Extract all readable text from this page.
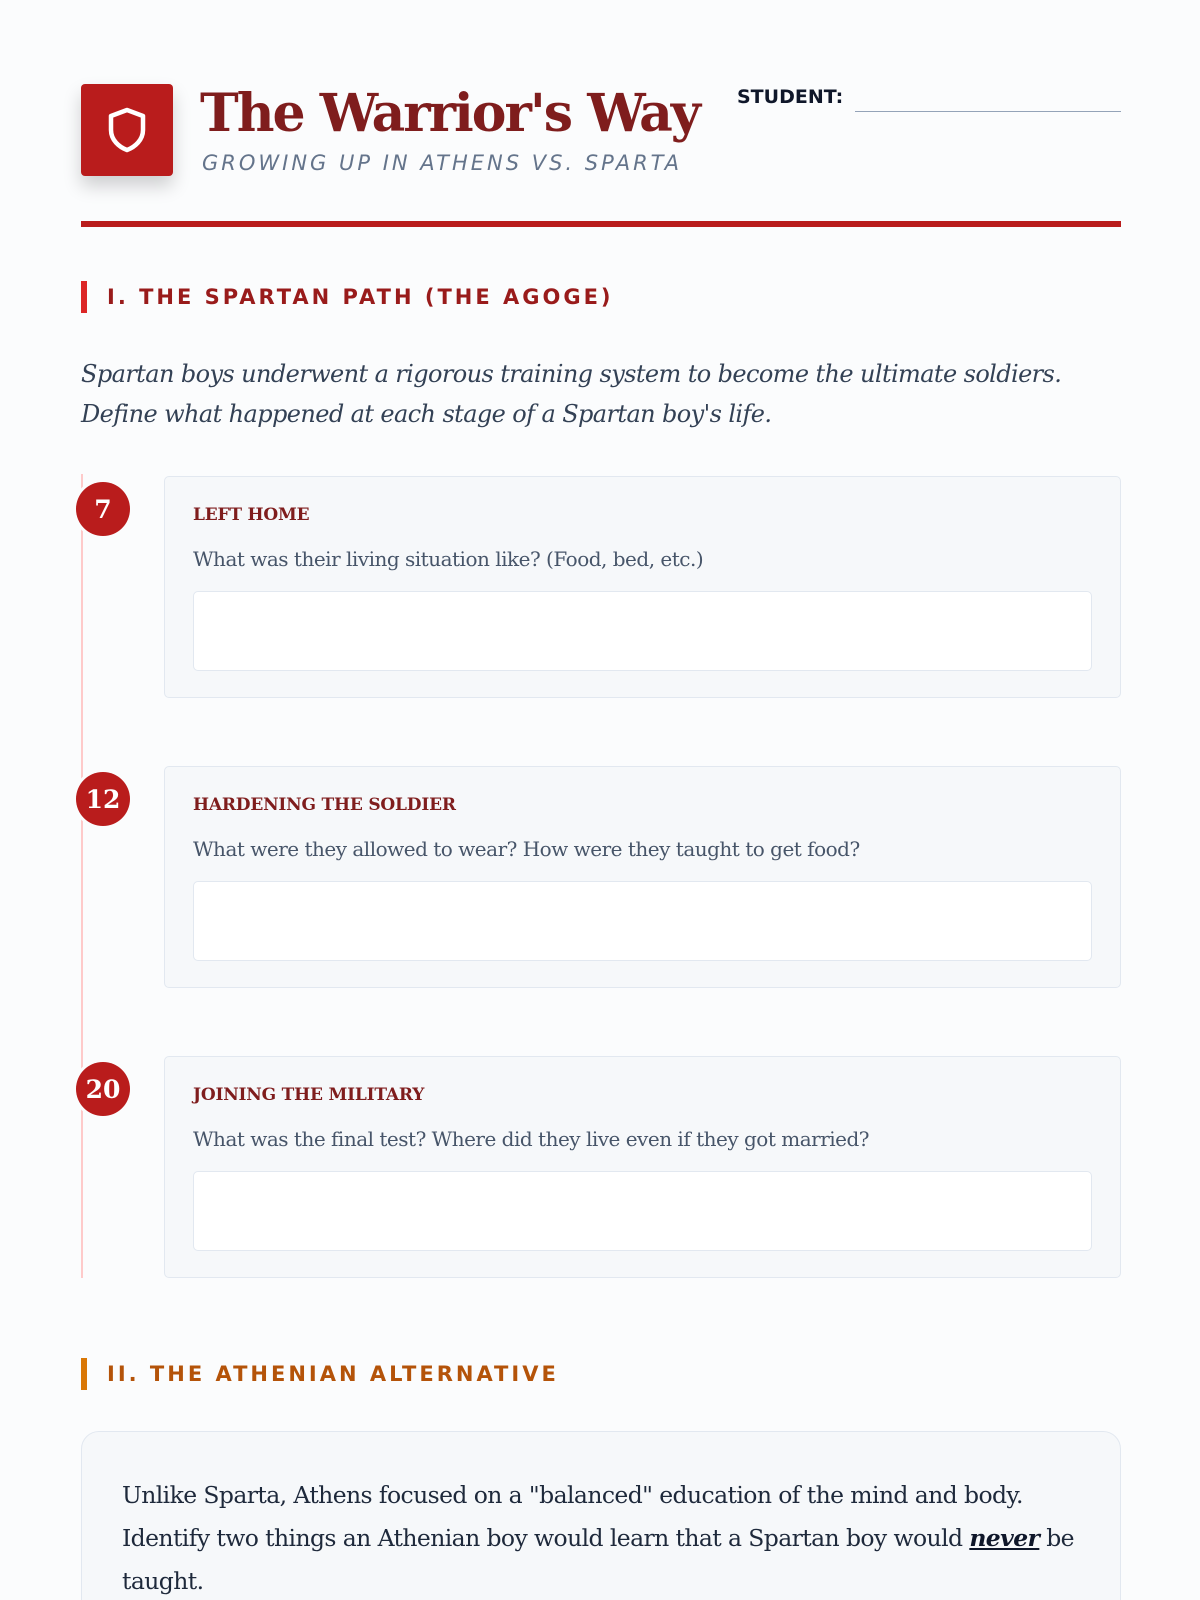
The Warrior's Way
GROWING UP IN ATHENS VS. SPARTA
STUDENT:
I. THE SPARTAN PATH (THE AGOGE)

Spartan boys underwent a rigorous training system to become the ultimate soldiers. Define what happened at each stage of a Spartan boy's life.

7	LEFT HOME
What was their living situation like? (Food, bed, etc.)
12	HARDENING THE SOLDIER
What were they allowed to wear? How were they taught to get food?
20	JOINING THE MILITARY
What was the final test? Where did they live even if they got married?
II. THE ATHENIAN ALTERNATIVE

Unlike Sparta, Athens focused on a "balanced" education of the mind and body. Identify two things an Athenian boy would learn that a Spartan boy would never be taught.
